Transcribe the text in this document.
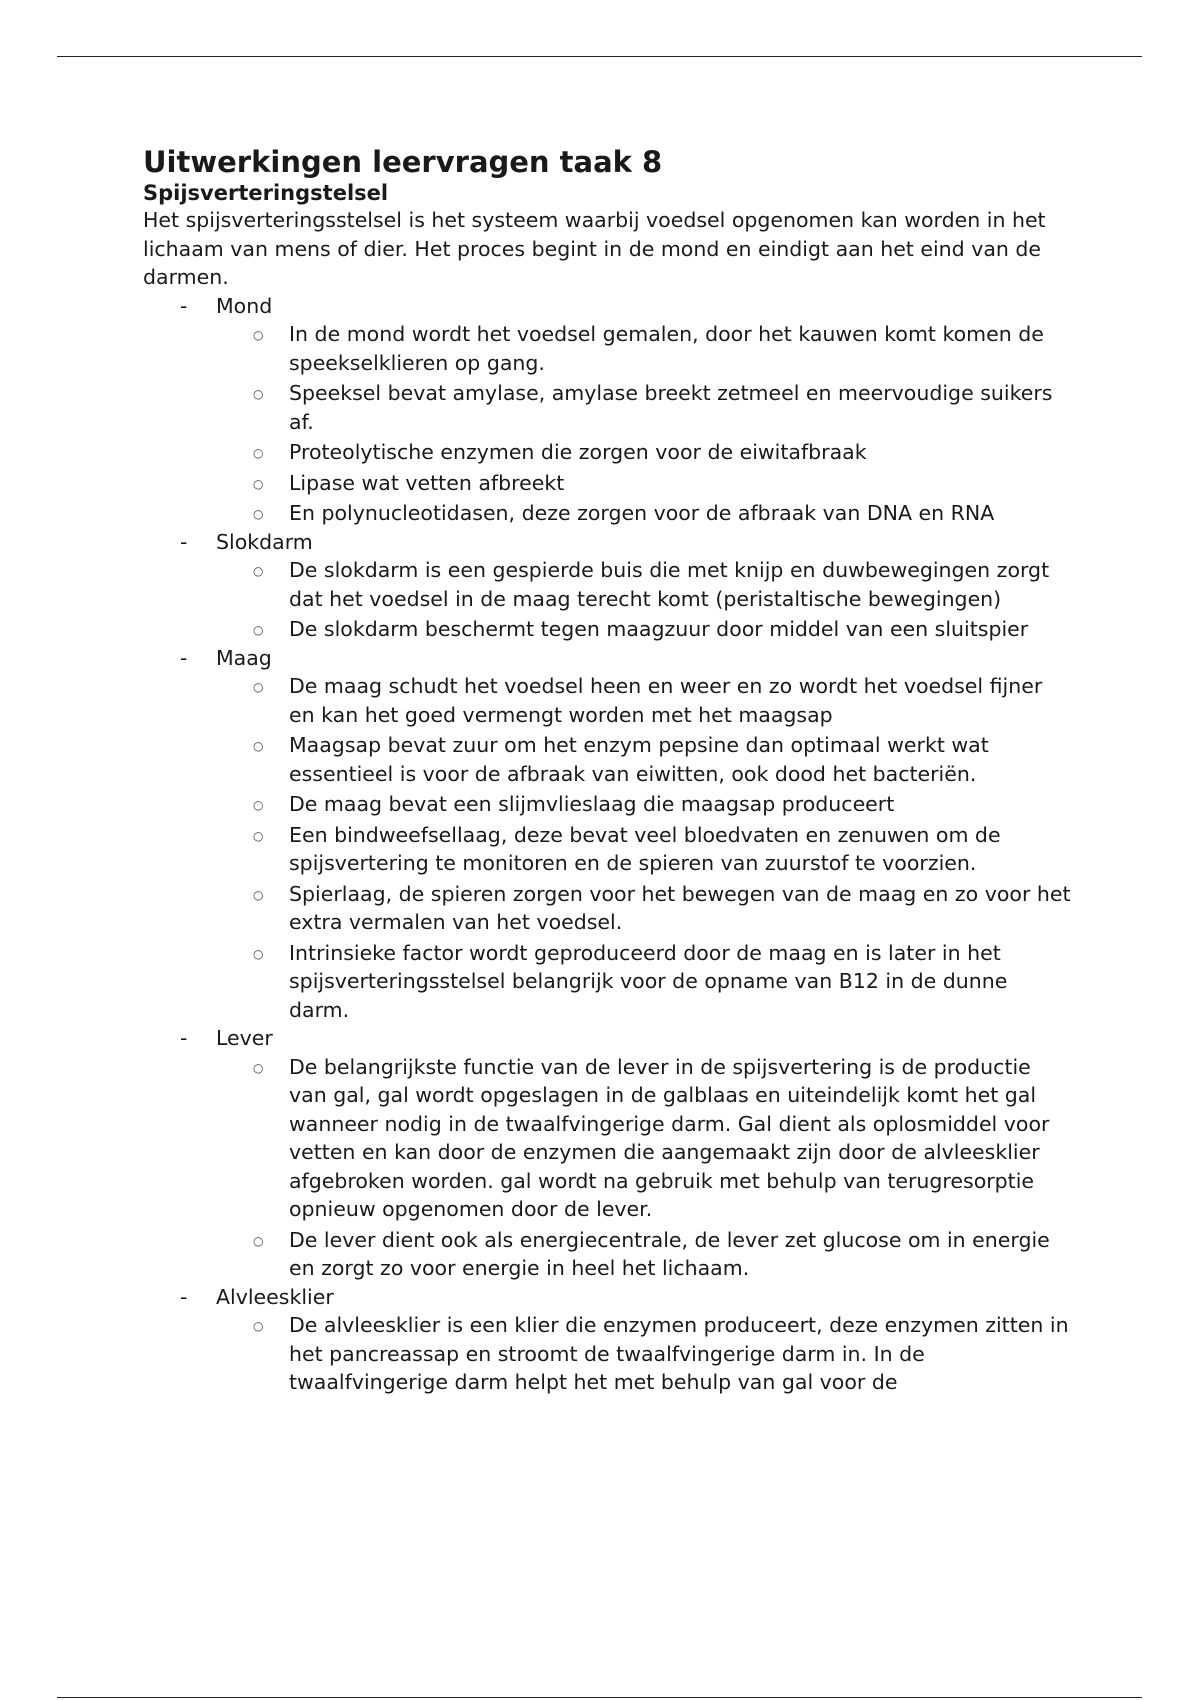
Uitwerkingen leervragen taak 8
Spijsverteringstelsel

Het spijsverteringsstelsel is het systeem waarbij voedsel opgenomen kan worden in het lichaam van mens of dier. Het proces begint in de mond en eindigt aan het eind van de darmen.

- Mond
○ In de mond wordt het voedsel gemalen, door het kauwen komt komen de speekselklieren op gang.
○ Speeksel bevat amylase, amylase breekt zetmeel en meervoudige suikers af.
○ Proteolytische enzymen die zorgen voor de eiwitafbraak
○ Lipase wat vetten afbreekt
○ En polynucleotidasen, deze zorgen voor de afbraak van DNA en RNA
- Slokdarm
○ De slokdarm is een gespierde buis die met knijp en duwbewegingen zorgt dat het voedsel in de maag terecht komt (peristaltische bewegingen)
○ De slokdarm beschermt tegen maagzuur door middel van een sluitspier
- Maag
○ De maag schudt het voedsel heen en weer en zo wordt het voedsel fijner en kan het goed vermengt worden met het maagsap
○ Maagsap bevat zuur om het enzym pepsine dan optimaal werkt wat essentieel is voor de afbraak van eiwitten, ook dood het bacteriën.
○ De maag bevat een slijmvlieslaag die maagsap produceert
○ Een bindweefsellaag, deze bevat veel bloedvaten en zenuwen om de spijsvertering te monitoren en de spieren van zuurstof te voorzien.
○ Spierlaag, de spieren zorgen voor het bewegen van de maag en zo voor het extra vermalen van het voedsel.
○ Intrinsieke factor wordt geproduceerd door de maag en is later in het spijsverteringsstelsel belangrijk voor de opname van B12 in de dunne darm.
- Lever
○ De belangrijkste functie van de lever in de spijsvertering is de productie van gal, gal wordt opgeslagen in de galblaas en uiteindelijk komt het gal wanneer nodig in de twaalfvingerige darm. Gal dient als oplosmiddel voor vetten en kan door de enzymen die aangemaakt zijn door de alvleesklier afgebroken worden. gal wordt na gebruik met behulp van terugresorptie opnieuw opgenomen door de lever.
○ De lever dient ook als energiecentrale, de lever zet glucose om in energie en zorgt zo voor energie in heel het lichaam.
- Alvleesklier
○ De alvleesklier is een klier die enzymen produceert, deze enzymen zitten in het pancreassap en stroomt de twaalfvingerige darm in. In de twaalfvingerige darm helpt het met behulp van gal voor de
